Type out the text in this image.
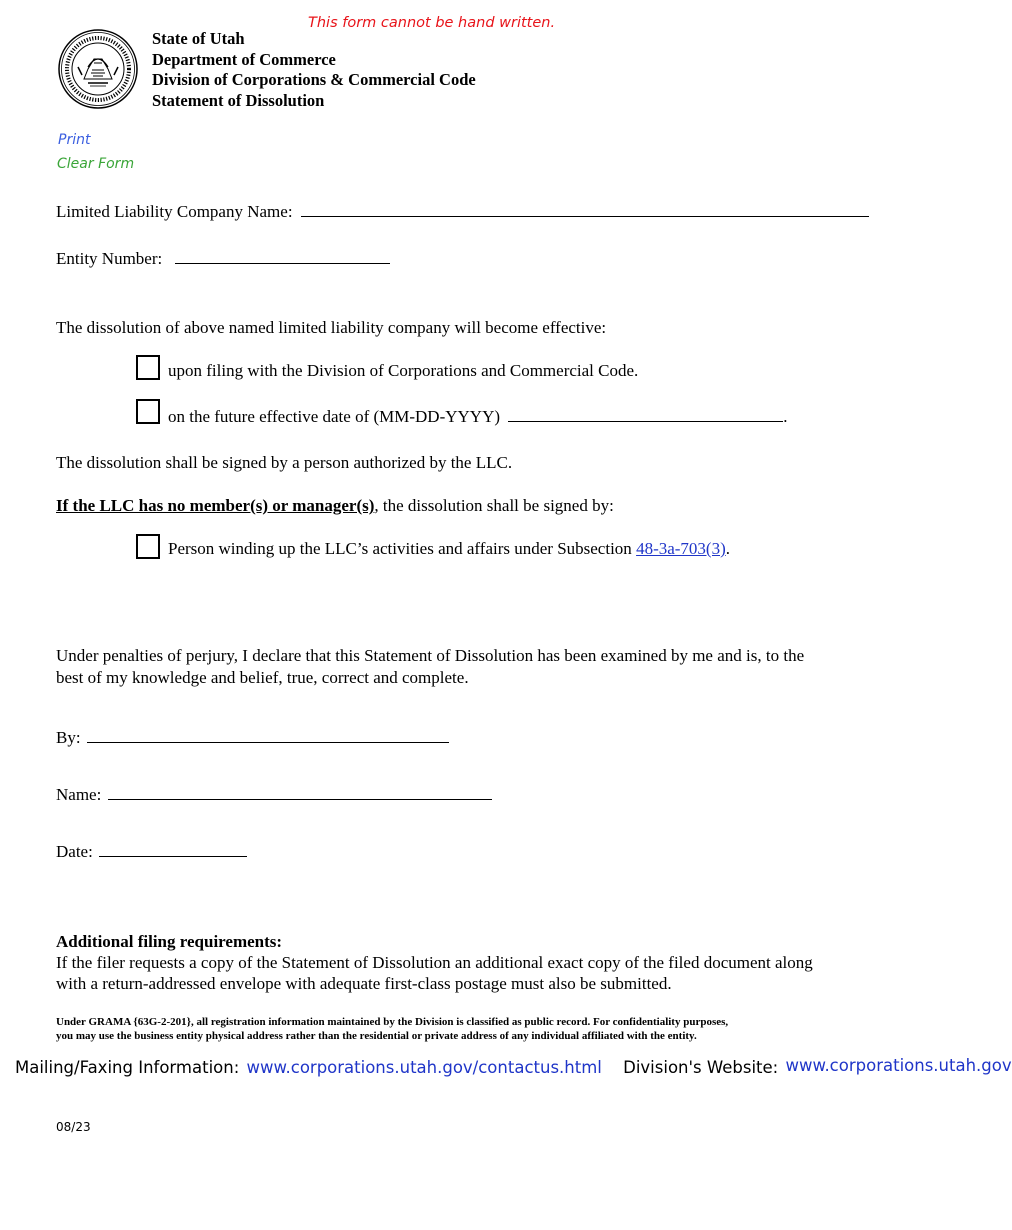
State of Utah
Department of Commerce
Division of Corporations & Commercial Code
Statement of Dissolution
This form cannot be hand written.
Print
Clear Form
Limited Liability Company Name:
Entity Number:
The dissolution of above named limited liability company will become effective:
upon filing with the Division of Corporations and Commercial Code.
on the future effective date of (MM-DD-YYYY)	.
The dissolution shall be signed by a person authorized by the LLC.
If the LLC has no member(s) or manager(s), the dissolution shall be signed by:
Person winding up the LLC’s activities and affairs under Subsection 48-3a-703(3).
Under penalties of perjury, I declare that this Statement of Dissolution has been examined by me and is, to the
best of my knowledge and belief, true, correct and complete.
By:
Name:
Date:
Additional filing requirements:
If the filer requests a copy of the Statement of Dissolution an additional exact copy of the filed document along
with a return-addressed envelope with adequate first-class postage must also be submitted.
Under GRAMA {63G-2-201}, all registration information maintained by the Division is classified as public record. For confidentiality purposes,
you may use the business entity physical address rather than the residential or private address of any individual affiliated with the entity.
Mailing/Faxing Information: www.corporations.utah.gov/contactus.html Division's Website: www.corporations.utah.gov
08/23
